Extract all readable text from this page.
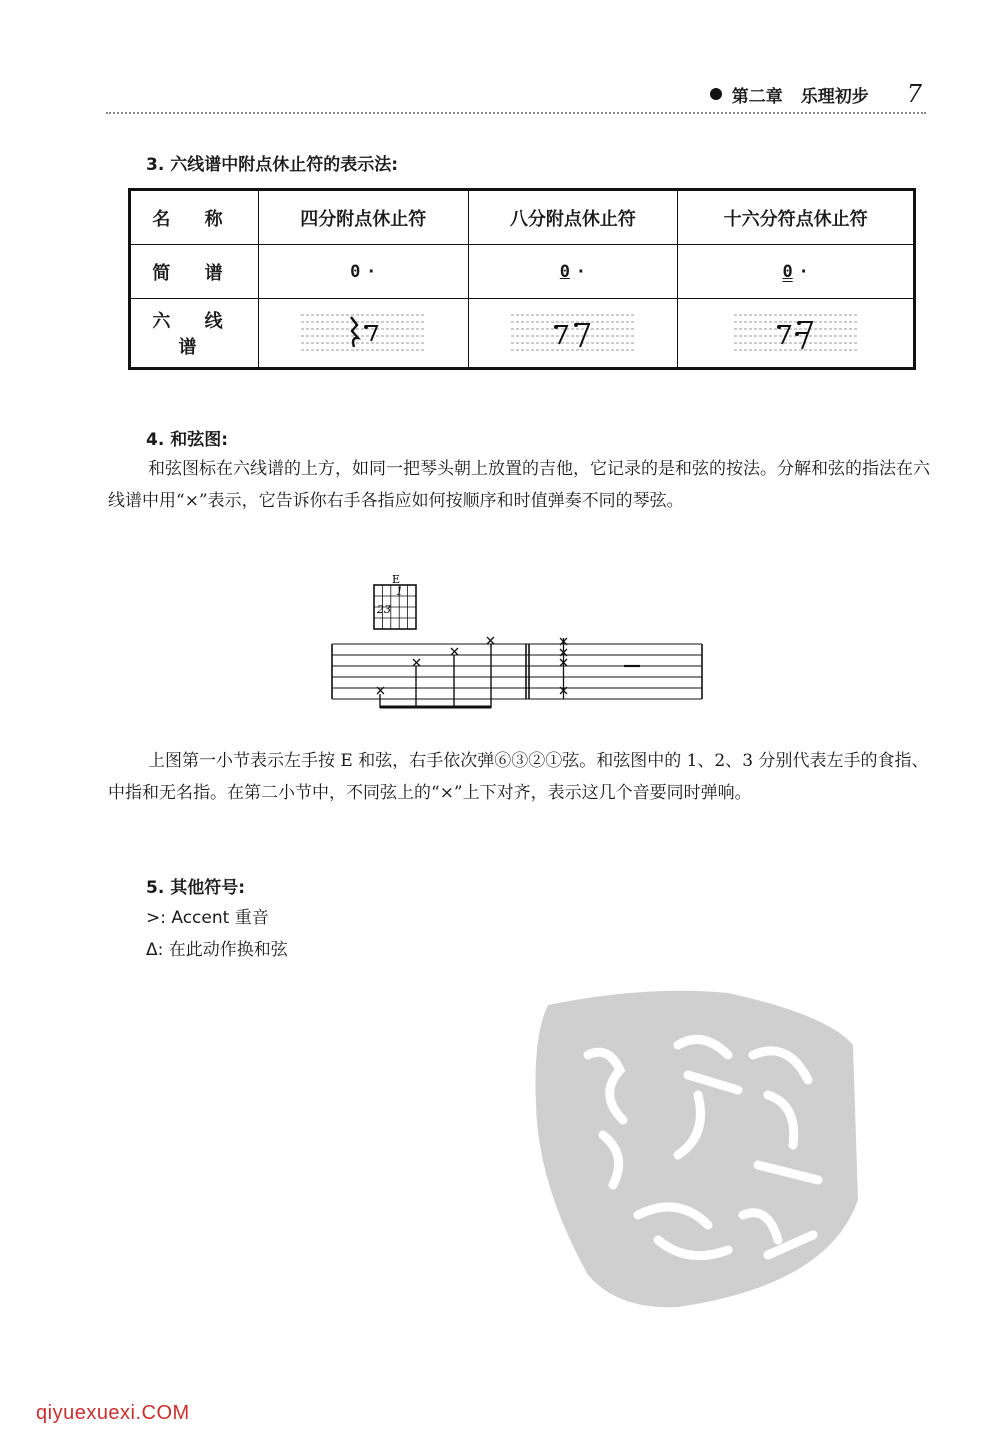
第二章 乐理初步 7
3. 六线谱中附点休止符的表示法:
名 称	四分附点休止符	八分附点休止符	十六分符点休止符
简 谱	0 ·	0 ·	0 ·
六 线 谱			
4. 和弦图:
和弦图标在六线谱的上方，如同一把琴头朝上放置的吉他，它记录的是和弦的按法。分解和弦的指法在六线谱中用“×”表示，它告诉你右手各指应如何按顺序和时值弹奏不同的琴弦。
E
1
23
上图第一小节表示左手按 E 和弦，右手依次弹⑥③②①弦。和弦图中的 1、2、3 分别代表左手的食指、中指和无名指。在第二小节中，不同弦上的“×”上下对齐，表示这几个音要同时弹响。
5. 其他符号:
>: Accent 重音
Δ: 在此动作换和弦
qiyuexuexi.COM
